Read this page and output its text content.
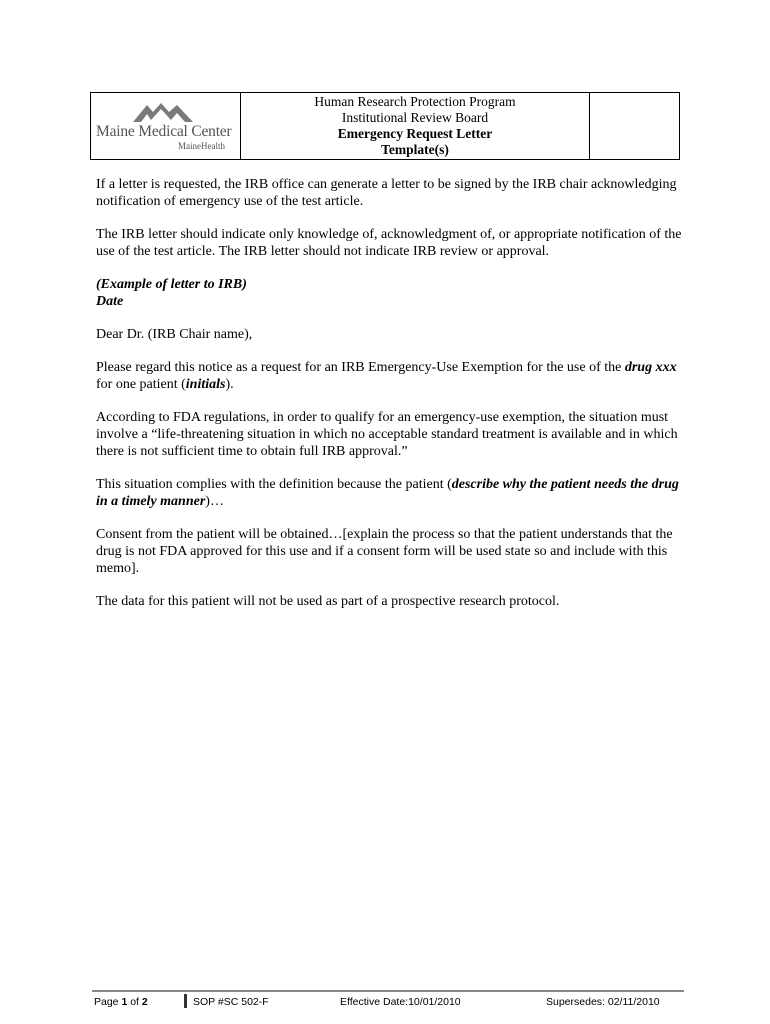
Maine Medical Center
MaineHealth

Human Research Protection Program
Institutional Review Board
Emergency Request Letter
Template(s)

If a letter is requested, the IRB office can generate a letter to be signed by the IRB chair acknowledging notification of emergency use of the test article.

The IRB letter should indicate only knowledge of, acknowledgment of, or appropriate notification of the use of the test article. The IRB letter should not indicate IRB review or approval.

(Example of letter to IRB)

Date

Dear Dr. (IRB Chair name),

Please regard this notice as a request for an IRB Emergency-Use Exemption for the use of the drug xxx for one patient (initials).

According to FDA regulations, in order to qualify for an emergency-use exemption, the situation must involve a “life-threatening situation in which no acceptable standard treatment is available and in which there is not sufficient time to obtain full IRB approval.”

This situation complies with the definition because the patient (describe why the patient needs the drug in a timely manner)…

Consent from the patient will be obtained…[explain the process so that the patient understands that the drug is not FDA approved for this use and if a consent form will be used state so and include with this memo].

The data for this patient will not be used as part of a prospective research protocol.

Page 1 of 2	SOP #SC 502-F	Effective Date:10/01/2010	Supersedes: 02/11/2010
